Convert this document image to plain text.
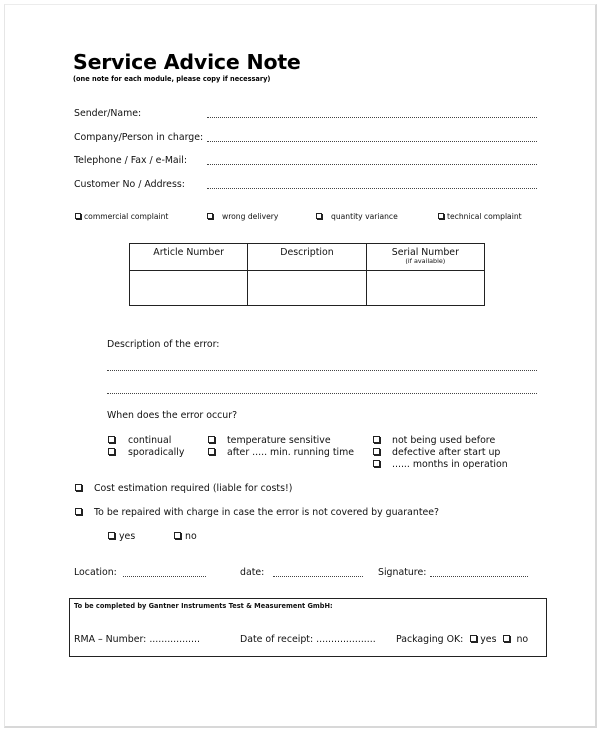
Service Advice Note
(one note for each module, please copy if necessary)
Sender/Name:
Company/Person in charge:
Telephone / Fax / e-Mail:
Customer No / Address:
commercial complaint	wrong delivery	quantity variance	technical complaint
Article Number	Description	Serial Number
(if available)

Description of the error:
When does the error occur?
continual
sporadically
temperature sensitive
after ..... min. running time
not being used before
defective after start up
...... months in operation
Cost estimation required (liable for costs!)
To be repaired with charge in case the error is not covered by guarantee?
yes	no
Location:	date:	Signature:
To be completed by Gantner Instruments Test & Measurement GmbH:
RMA – Number: .................	Date of receipt: .................... Packaging OK: yes no
